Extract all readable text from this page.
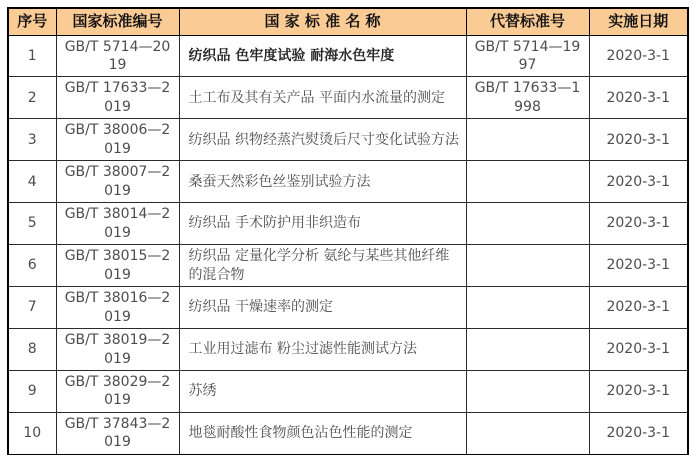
序号	国家标准编号	国 家 标 准 名 称	代替标准号	实施日期
1	GB/T 5714—2019	纺织品 色牢度试验 耐海水色牢度	GB/T 5714—1997	2020-3-1
2	GB/T 17633—2019	土工布及其有关产品 平面内水流量的测定	GB/T 17633—1998	2020-3-1
3	GB/T 38006—2019	纺织品 织物经蒸汽熨烫后尺寸变化试验方法		2020-3-1
4	GB/T 38007—2019	桑蚕天然彩色丝鉴别试验方法		2020-3-1
5	GB/T 38014—2019	纺织品 手术防护用非织造布		2020-3-1
6	GB/T 38015—2019	纺织品 定量化学分析 氨纶与某些其他纤维的混合物		2020-3-1
7	GB/T 38016—2019	纺织品 干燥速率的测定		2020-3-1
8	GB/T 38019—2019	工业用过滤布 粉尘过滤性能测试方法		2020-3-1
9	GB/T 38029—2019	苏绣		2020-3-1
10	GB/T 37843—2019	地毯耐酸性食物颜色沾色性能的测定		2020-3-1
